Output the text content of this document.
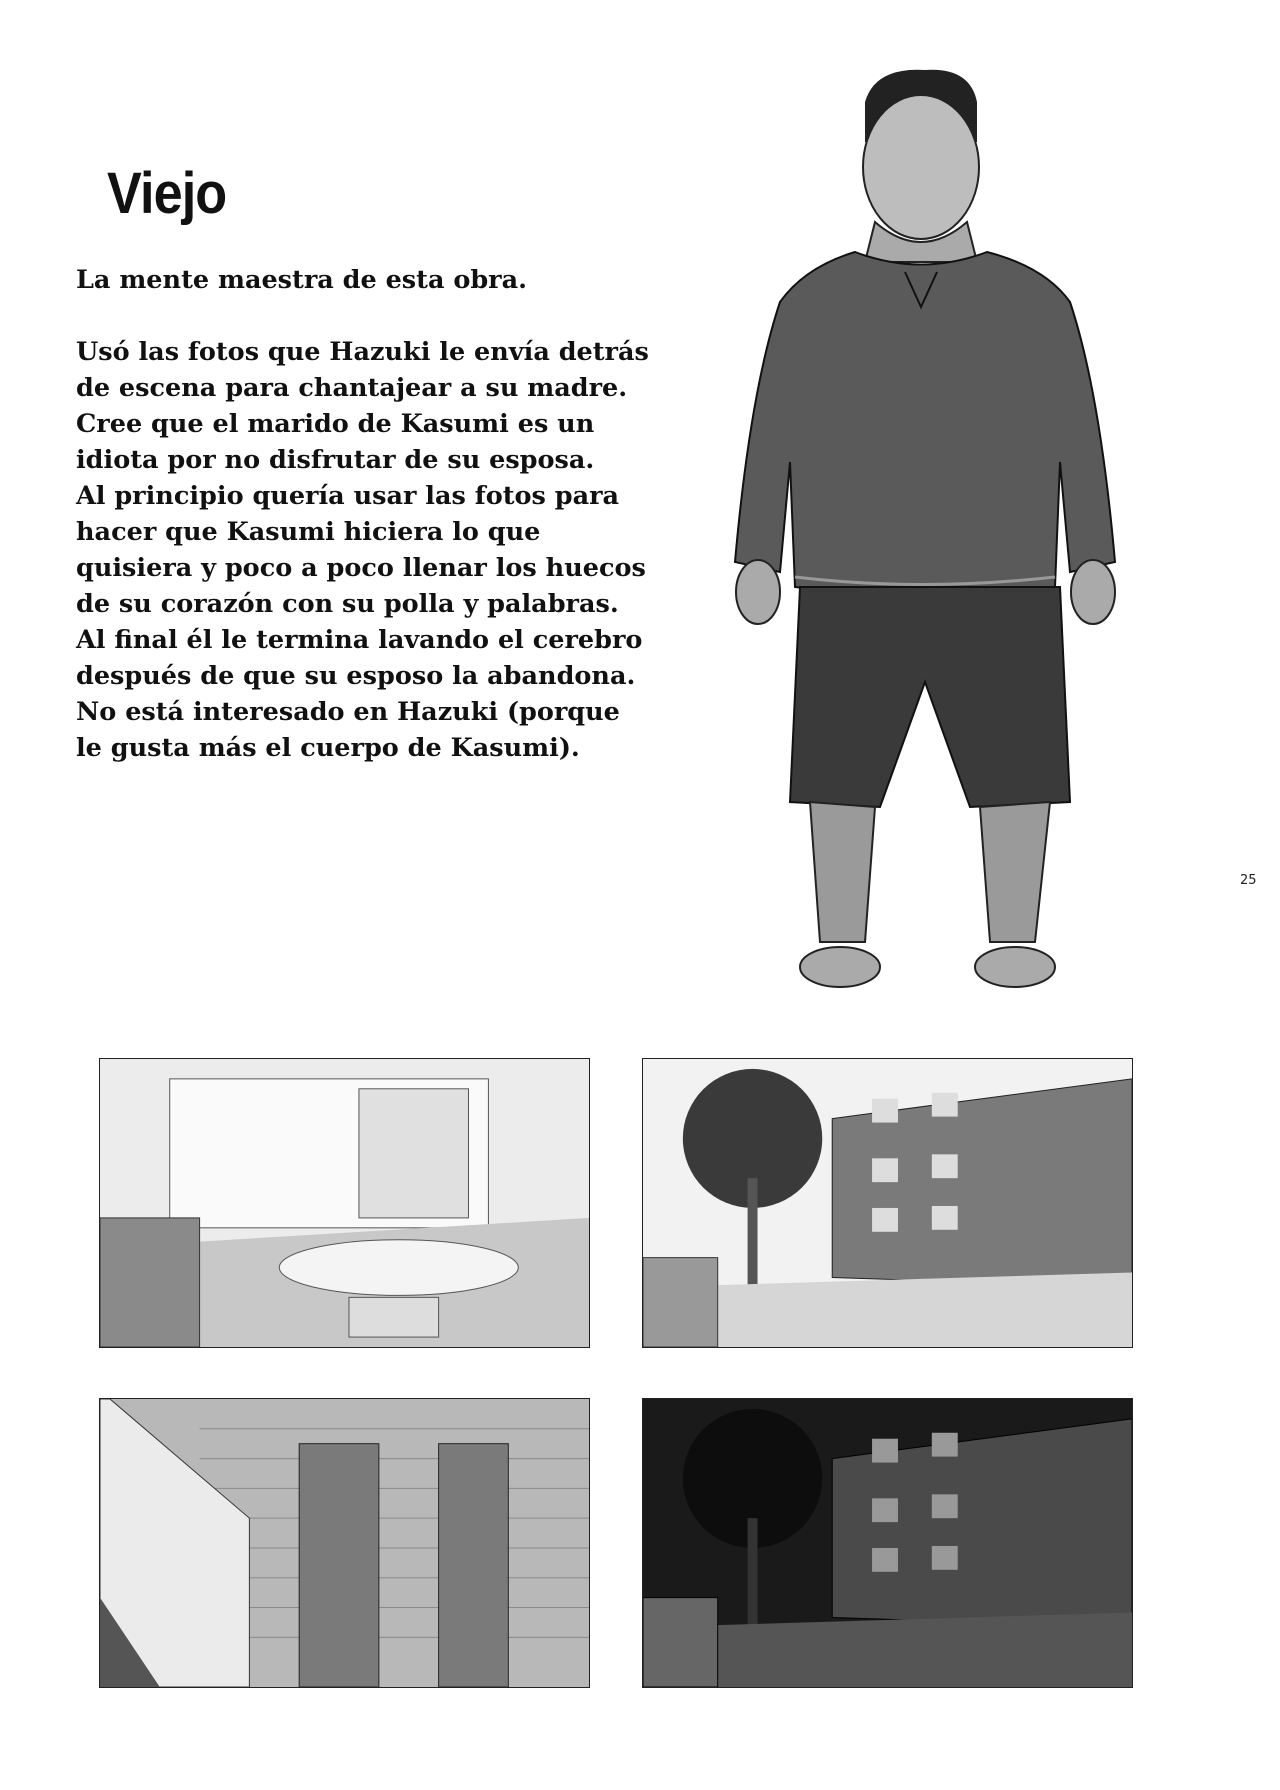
Viejo

La mente maestra de esta obra.

Usó las fotos que Hazuki le envía detrás

de escena para chantajear a su madre.

Cree que el marido de Kasumi es un

idiota por no disfrutar de su esposa.

Al principio quería usar las fotos para

hacer que Kasumi hiciera lo que

quisiera y poco a poco llenar los huecos

de su corazón con su polla y palabras.

Al final él le termina lavando el cerebro

después de que su esposo la abandona.

No está interesado en Hazuki (porque

le gusta más el cuerpo de Kasumi).

25
